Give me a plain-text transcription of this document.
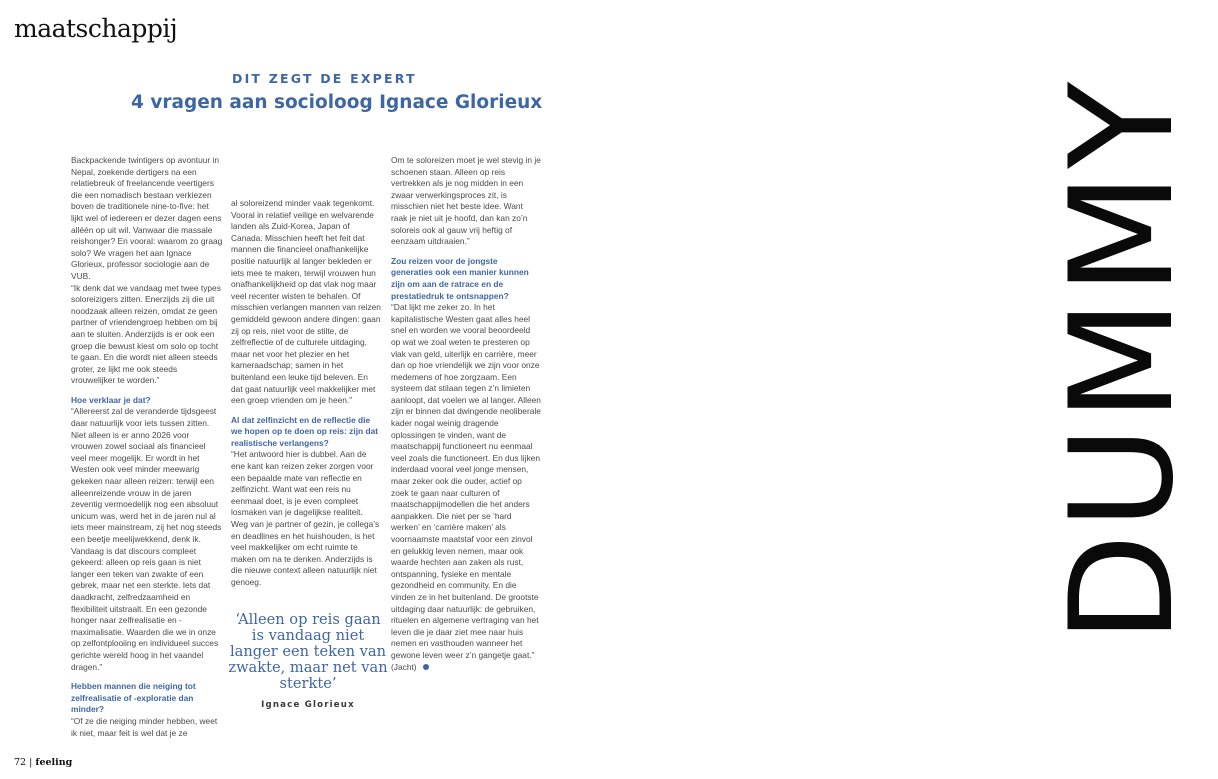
maatschappij
DIT ZEGT DE EXPERT
4 vragen aan socioloog Ignace Glorieux

Backpackende twintigers op avontuur in Nepal, zoekende dertigers na een relatiebreuk of freelancende veertigers die een nomadisch bestaan verkiezen boven de traditionele nine-to-five: het lijkt wel of iedereen er dezer dagen eens alléén op uit wil. Vanwaar die massale reishonger? En vooral: waarom zo graag solo? We vragen het aan Ignace Glorieux, professor sociologie aan de VUB.

“Ik denk dat we vandaag met twee types soloreizigers zitten. Enerzijds zij die uit noodzaak alleen reizen, omdat ze geen partner of vriendengroep hebben om bij aan te sluiten. Anderzijds is er ook een groep die bewust kiest om solo op tocht te gaan. En die wordt niet alleen steeds groter, ze lijkt me ook steeds vrouwelijker te worden.”

Hoe verklaar je dat?

“Allereerst zal de veranderde tijdsgeest daar natuurlijk voor iets tussen zitten. Niet alleen is er anno 2026 voor vrouwen zowel sociaal als financieel veel meer mogelijk. Er wordt in het Westen ook veel minder meewarig gekeken naar alleen reizen: terwijl een alleenreizende vrouw in de jaren zeventig vermoedelijk nog een absoluut unicum was, werd het in de jaren nul al iets meer mainstream, zij het nog steeds een beetje meelijwekkend, denk ik. Vandaag is dat discours compleet gekeerd: alleen op reis gaan is niet langer een teken van zwakte of een gebrek, maar net een sterkte. Iets dat daadkracht, zelfredzaamheid en flexibiliteit uitstraalt. En een gezonde honger naar zelfrealisatie en -maximalisatie. Waarden die we in onze op zelfontplooiing en individueel succes gerichte wereld hoog in het vaandel dragen.”

Hebben mannen die neiging tot zelfrealisatie of -exploratie dan minder?

“Of ze die neiging minder hebben, weet ik niet, maar feit is wel dat je ze

al soloreizend minder vaak tegenkomt. Vooral in relatief veilige en welvarende landen als Zuid-Korea, Japan of Canada. Misschien heeft het feit dat mannen die financieel onafhankelijke positie natuurlijk al langer bekleden er iets mee te maken, terwijl vrouwen hun onafhankelijkheid op dat vlak nog maar veel recenter wisten te behalen. Of misschien verlangen mannen van reizen gemiddeld gewoon andere dingen: gaan zij op reis, niet voor de stilte, de zelfreflectie of de culturele uitdaging, maar net voor het plezier en het kameraadschap; samen in het buitenland een leuke tijd beleven. En dat gaat natuurlijk veel makkelijker met een groep vrienden om je heen.”

Al dat zelfinzicht en de reflectie die we hopen op te doen op reis: zijn dat realistische verlangens?

“Het antwoord hier is dubbel. Aan de ene kant kan reizen zeker zorgen voor een bepaalde mate van reflectie en zelfinzicht. Want wat een reis nu eenmaal doet, is je even compleet losmaken van je dagelijkse realiteit. Weg van je partner of gezin, je collega’s en deadlines en het huishouden, is het veel makkelijker om echt ruimte te maken om na te denken. Anderzijds is die nieuwe context alleen natuurlijk niet genoeg.

‘Alleen op reis gaan is vandaag niet langer een teken van zwakte, maar net van sterkte’
Ignace Glorieux

Om te soloreizen moet je wel stevig in je schoenen staan. Alleen op reis vertrekken als je nog midden in een zwaar verwerkingsproces zit, is misschien niet het beste idee. Want raak je niet uit je hoofd, dan kan zo’n soloreis ook al gauw vrij heftig of eenzaam uitdraaien.”

Zou reizen voor de jongste generaties ook een manier kunnen zijn om aan de ratrace en de prestatiedruk te ontsnappen?

“Dat lijkt me zeker zo. In het kapitalistische Westen gaat alles heel snel en worden we vooral beoordeeld op wat we zoal weten te presteren op vlak van geld, uiterlijk en carrière, meer dan op hoe vriendelijk we zijn voor onze medemens of hoe zorgzaam. Een systeem dat stilaan tegen z’n limieten aanloopt, dat voelen we al langer. Alleen zijn er binnen dat dwingende neoliberale kader nogal weinig dragende oplossingen te vinden, want de maatschappij functioneert nu eenmaal veel zoals die functioneert. En dus lijken inderdaad vooral veel jonge mensen, maar zeker ook die ouder, actief op zoek te gaan naar culturen of maatschappijmodellen die het anders aanpakken. Die niet per se ‘hard werken’ en ‘carrière maken’ als voornaamste maatstaf voor een zinvol en gelukkig leven nemen, maar ook waarde hechten aan zaken als rust, ontspanning, fysieke en mentale gezondheid en community. En die vinden ze in het buitenland. De grootste uitdaging daar natuurlijk: de gebruiken, rituelen en algemene vertraging van het leven die je daar ziet mee naar huis nemen en vasthouden wanneer het gewone leven weer z’n gangetje gaat.” (Jacht)

DUMMY
72 | feeling
